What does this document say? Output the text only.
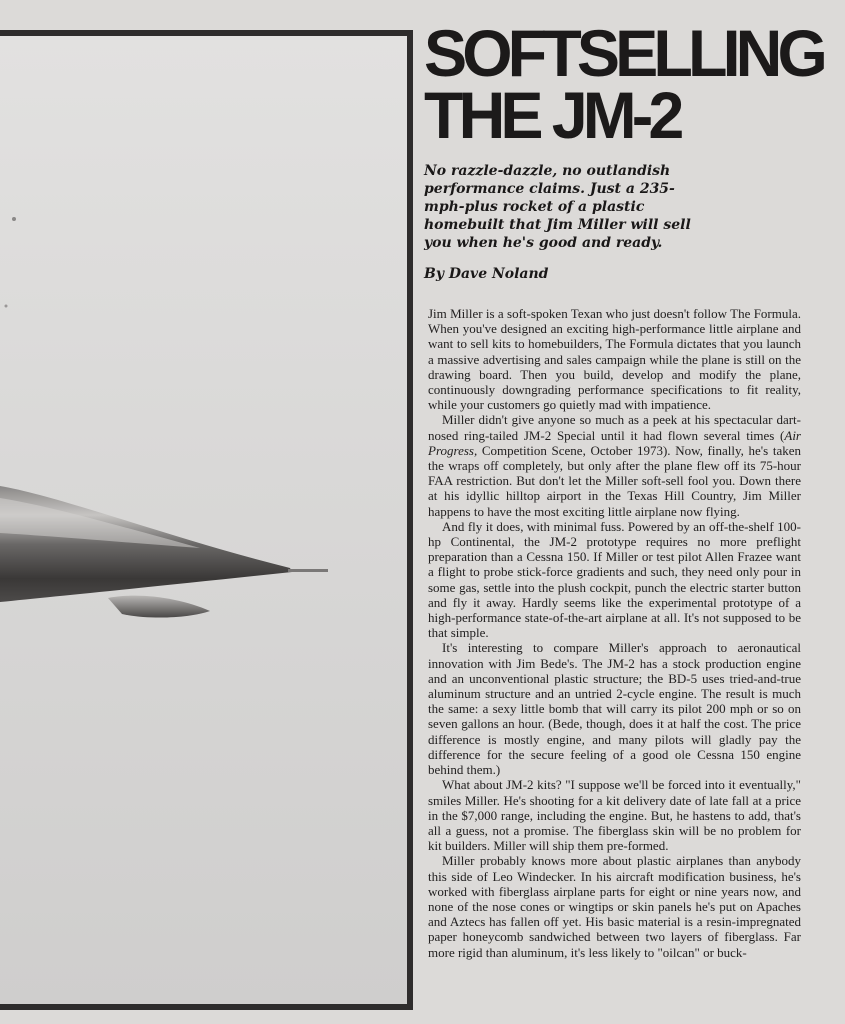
SOFTSELLING
THE JM-2

No razzle-dazzle, no outlandish performance claims. Just a 235-mph-plus rocket of a plastic homebuilt that Jim Miller will sell you when he's good and ready.

By Dave Noland

Jim Miller is a soft-spoken Texan who just doesn't follow The Formula. When you've designed an exciting high-performance little airplane and want to sell kits to homebuilders, The Formula dictates that you launch a massive advertising and sales campaign while the plane is still on the drawing board. Then you build, develop and modify the plane, continuously downgrading performance specifications to fit reality, while your customers go quietly mad with impatience.

Miller didn't give anyone so much as a peek at his spectacular dart-nosed ring-tailed JM-2 Special until it had flown several times (Air Progress, Competition Scene, October 1973). Now, finally, he's taken the wraps off completely, but only after the plane flew off its 75-hour FAA restriction. But don't let the Miller soft-sell fool you. Down there at his idyllic hilltop airport in the Texas Hill Country, Jim Miller happens to have the most exciting little airplane now flying.

And fly it does, with minimal fuss. Powered by an off-the-shelf 100-hp Continental, the JM-2 prototype requires no more preflight preparation than a Cessna 150. If Miller or test pilot Allen Frazee want a flight to probe stick-force gradients and such, they need only pour in some gas, settle into the plush cockpit, punch the electric starter button and fly it away. Hardly seems like the experimental prototype of a high-performance state-of-the-art airplane at all. It's not supposed to be that simple.

It's interesting to compare Miller's approach to aeronautical innovation with Jim Bede's. The JM-2 has a stock production engine and an unconventional plastic structure; the BD-5 uses tried-and-true aluminum structure and an untried 2-cycle engine. The result is much the same: a sexy little bomb that will carry its pilot 200 mph or so on seven gallons an hour. (Bede, though, does it at half the cost. The price difference is mostly engine, and many pilots will gladly pay the difference for the secure feeling of a good ole Cessna 150 engine behind them.)

What about JM-2 kits? "I suppose we'll be forced into it eventually," smiles Miller. He's shooting for a kit delivery date of late fall at a price in the $7,000 range, including the engine. But, he hastens to add, that's all a guess, not a promise. The fiberglass skin will be no problem for kit builders. Miller will ship them pre-formed.

Miller probably knows more about plastic airplanes than anybody this side of Leo Windecker. In his aircraft modification business, he's worked with fiberglass airplane parts for eight or nine years now, and none of the nose cones or wingtips or skin panels he's put on Apaches and Aztecs has fallen off yet. His basic material is a resin-impregnated paper honeycomb sandwiched between two layers of fiberglass. Far more rigid than aluminum, it's less likely to "oilcan" or buck-
